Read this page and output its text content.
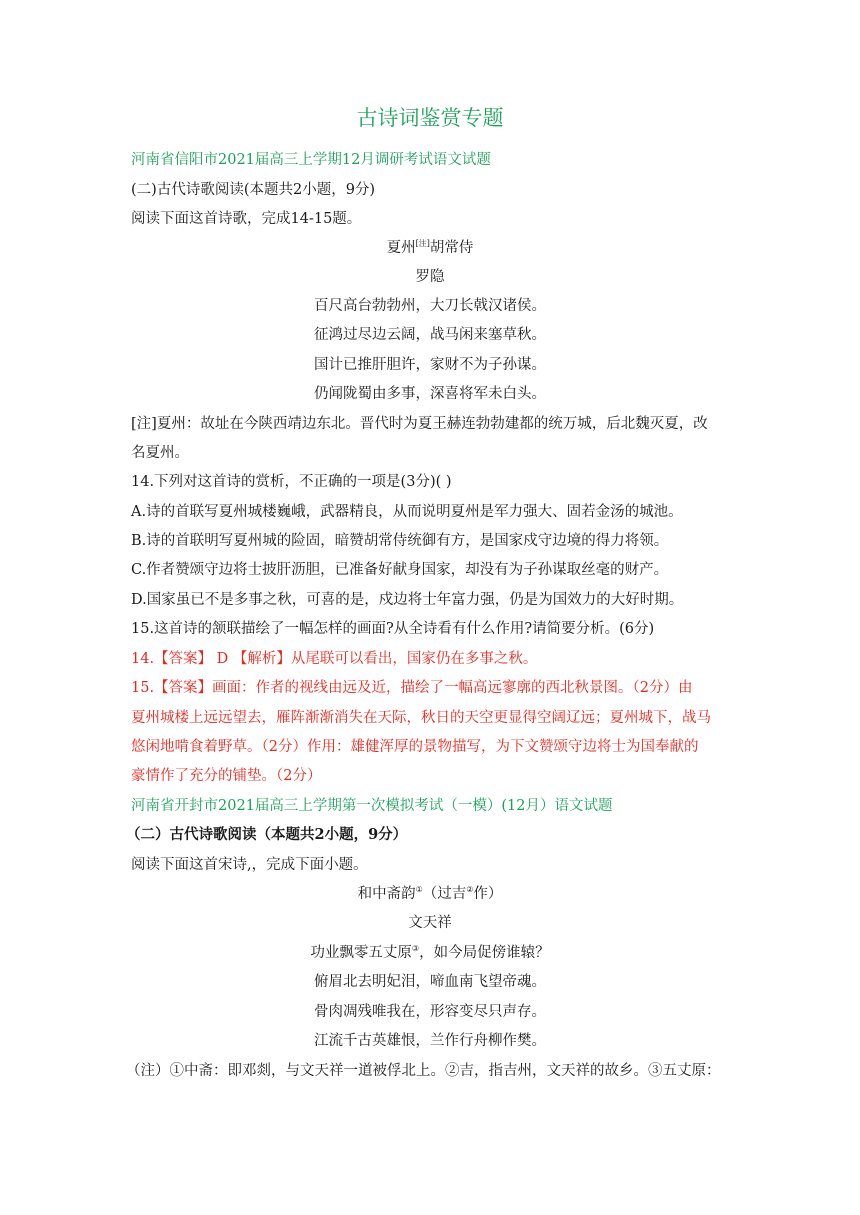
古诗词鉴赏专题
河南省信阳市2021届高三上学期12月调研考试语文试题
(二)古代诗歌阅读(本题共2小题，9分)
阅读下面这首诗歌，完成14-15题。
夏州[注]胡常侍
罗隐
百尺高台勃勃州，大刀长戟汉诸侯。
征鸿过尽边云阔，战马闲来塞草秋。
国计已推肝胆许，家财不为子孙谋。
仍闻陇蜀由多事，深喜将军未白头。
[注]夏州：故址在今陕西靖边东北。晋代时为夏王赫连勃勃建都的统万城，后北魏灭夏，改
名夏州。
14.下列对这首诗的赏析，不正确的一项是(3分)( )
A.诗的首联写夏州城楼巍峨，武器精良，从而说明夏州是军力强大、固若金汤的城池。
B.诗的首联明写夏州城的险固，暗赞胡常侍统御有方，是国家戍守边境的得力将领。
C.作者赞颂守边将士披肝沥胆，已准备好献身国家，却没有为子孙谋取丝毫的财产。
D.国家虽已不是多事之秋，可喜的是，戍边将士年富力强，仍是为国效力的大好时期。
15.这首诗的颔联描绘了一幅怎样的画面?从全诗看有什么作用?请简要分析。(6分)
14.【答案】 D 【解析】从尾联可以看出，国家仍在多事之秋。
15.【答案】画面：作者的视线由远及近，描绘了一幅高远寥廓的西北秋景图。（2分）由
夏州城楼上远远望去，雁阵渐渐消失在天际，秋日的天空更显得空阔辽远；夏州城下，战马
悠闲地啃食着野草。（2分）作用：雄健浑厚的景物描写，为下文赞颂守边将士为国奉献的
豪情作了充分的铺垫。（2分）
河南省开封市2021届高三上学期第一次模拟考试（一模）(12月）语文试题
（二）古代诗歌阅读（本题共2小题，9分）
阅读下面这首宋诗,，完成下面小题。
和中斋韵①（过吉②作）
文天祥
功业飘零五丈原③，如今局促傍谁辕？
俯眉北去明妃泪，啼血南飞望帝魂。
骨肉凋残唯我在，形容变尽只声存。
江流千古英雄恨，兰作行舟柳作樊。
（注）①中斋：即邓剡，与文天祥一道被俘北上。②吉，指吉州，文天祥的故乡。③五丈原：
